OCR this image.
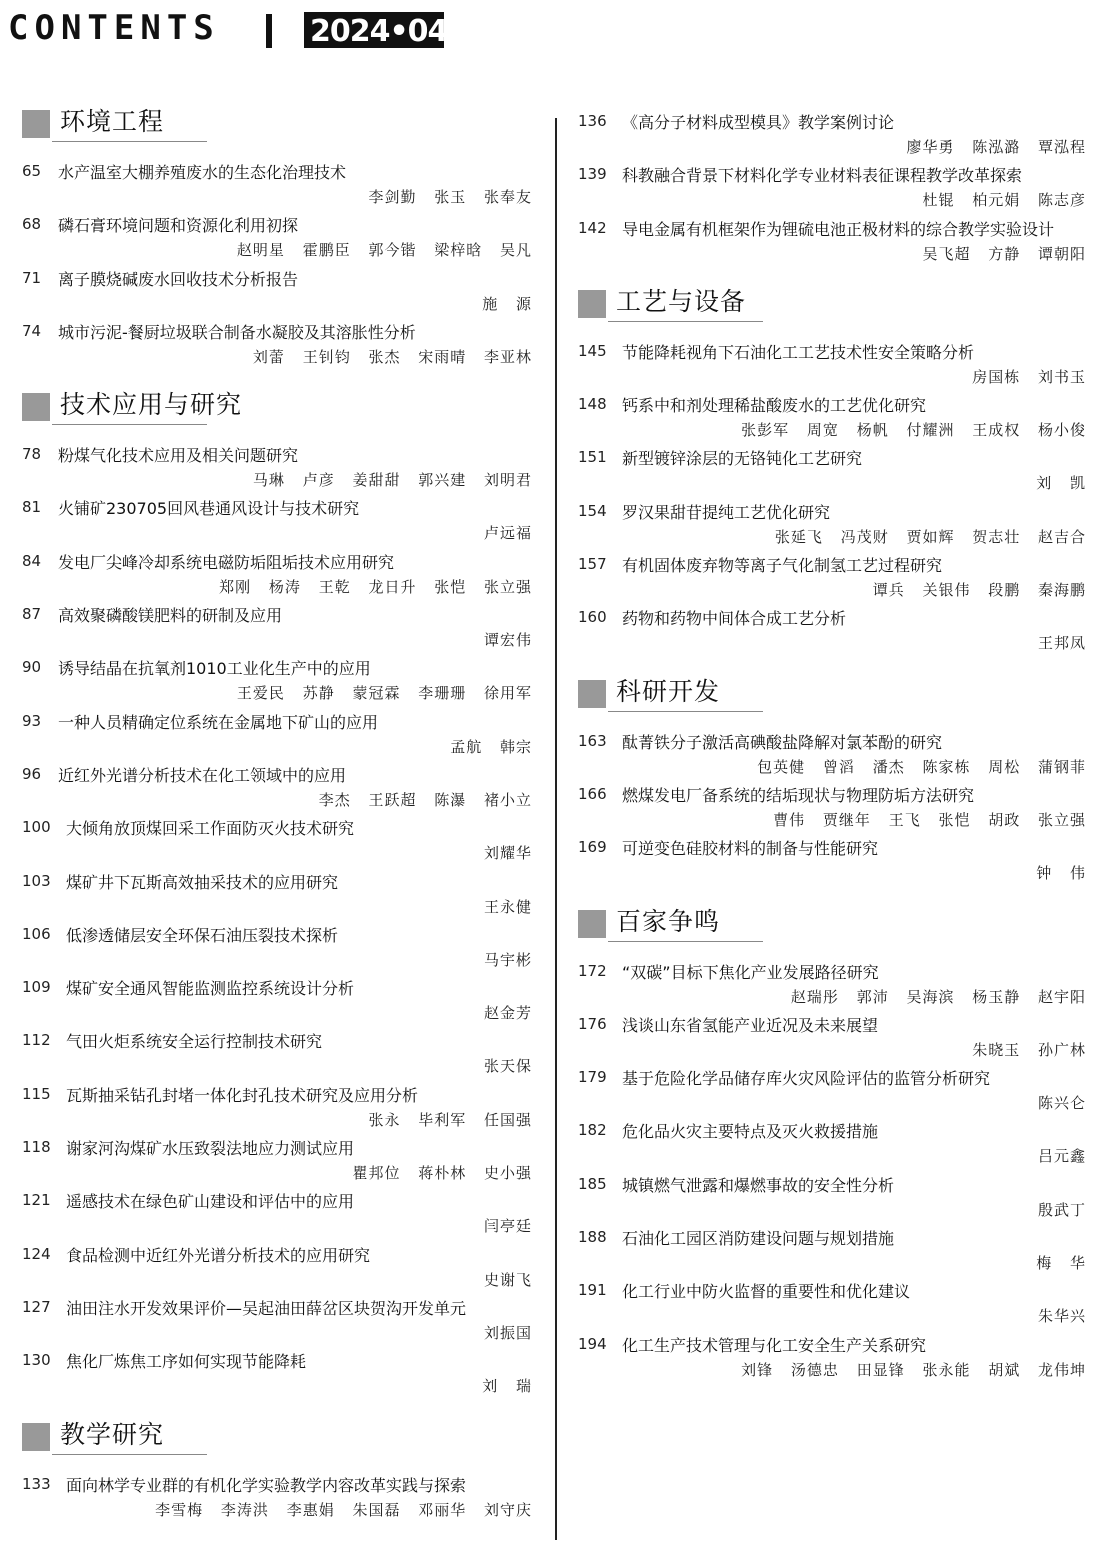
CONTENTS	2024•04
环境工程
65 水产温室大棚养殖废水的生态化治理技术
李剑勤 张玉 张奉友
68 磷石膏环境问题和资源化利用初探
赵明星 霍鹏臣 郭今锴 梁梓晗 吴凡
71 离子膜烧碱废水回收技术分析报告
施 源
74 城市污泥-餐厨垃圾联合制备水凝胶及其溶胀性分析
刘蕾 王钊钧 张杰 宋雨晴 李亚林
技术应用与研究
78 粉煤气化技术应用及相关问题研究
马琳 卢彦 姜甜甜 郭兴建 刘明君
81 火铺矿230705回风巷通风设计与技术研究
卢远福
84 发电厂尖峰冷却系统电磁防垢阻垢技术应用研究
郑刚 杨涛 王乾 龙日升 张恺 张立强
87 高效聚磷酸镁肥料的研制及应用
谭宏伟
90 诱导结晶在抗氧剂1010工业化生产中的应用
王爱民 苏静 蒙冠霖 李珊珊 徐用军
93 一种人员精确定位系统在金属地下矿山的应用
孟航 韩宗
96 近红外光谱分析技术在化工领域中的应用
李杰 王跃超 陈瀑 褚小立
100 大倾角放顶煤回采工作面防灭火技术研究
刘耀华
103 煤矿井下瓦斯高效抽采技术的应用研究
王永健
106 低渗透储层安全环保石油压裂技术探析
马宇彬
109 煤矿安全通风智能监测监控系统设计分析
赵金芳
112 气田火炬系统安全运行控制技术研究
张天保
115 瓦斯抽采钻孔封堵一体化封孔技术研究及应用分析
张永 毕利军 任国强
118 谢家河沟煤矿水压致裂法地应力测试应用
瞿邦位 蒋朴林 史小强
121 遥感技术在绿色矿山建设和评估中的应用
闫亭廷
124 食品检测中近红外光谱分析技术的应用研究
史谢飞
127 油田注水开发效果评价—吴起油田薛岔区块贺沟开发单元
刘振国
130 焦化厂炼焦工序如何实现节能降耗
刘 瑞
教学研究
133 面向林学专业群的有机化学实验教学内容改革实践与探索
李雪梅 李涛洪 李惠娟 朱国磊 邓丽华 刘守庆
136 《高分子材料成型模具》教学案例讨论
廖华勇 陈泓潞 覃泓程
139 科教融合背景下材料化学专业材料表征课程教学改革探索
杜锟 柏元娟 陈志彦
142 导电金属有机框架作为锂硫电池正极材料的综合教学实验设计
吴飞超 方静 谭朝阳
工艺与设备
145 节能降耗视角下石油化工工艺技术性安全策略分析
房国栋 刘书玉
148 钙系中和剂处理稀盐酸废水的工艺优化研究
张彭军 周宽 杨帆 付耀洲 王成权 杨小俊
151 新型镀锌涂层的无铬钝化工艺研究
刘 凯
154 罗汉果甜苷提纯工艺优化研究
张延飞 冯茂财 贾如辉 贺志壮 赵吉合
157 有机固体废弃物等离子气化制氢工艺过程研究
谭兵 关银伟 段鹏 秦海鹏
160 药物和药物中间体合成工艺分析
王邦凤
科研开发
163 酞菁铁分子激活高碘酸盐降解对氯苯酚的研究
包英健 曾滔 潘杰 陈家栋 周松 蒲钢菲
166 燃煤发电厂备系统的结垢现状与物理防垢方法研究
曹伟 贾继年 王飞 张恺 胡政 张立强
169 可逆变色硅胶材料的制备与性能研究
钟 伟
百家争鸣
172 “双碳”目标下焦化产业发展路径研究
赵瑞彤 郭沛 吴海滨 杨玉静 赵宇阳
176 浅谈山东省氢能产业近况及未来展望
朱晓玉 孙广林
179 基于危险化学品储存库火灾风险评估的监管分析研究
陈兴仑
182 危化品火灾主要特点及灭火救援措施
吕元鑫
185 城镇燃气泄露和爆燃事故的安全性分析
殷武丁
188 石油化工园区消防建设问题与规划措施
梅 华
191 化工行业中防火监督的重要性和优化建议
朱华兴
194 化工生产技术管理与化工安全生产关系研究
刘锋 汤德忠 田显锋 张永能 胡斌 龙伟坤
